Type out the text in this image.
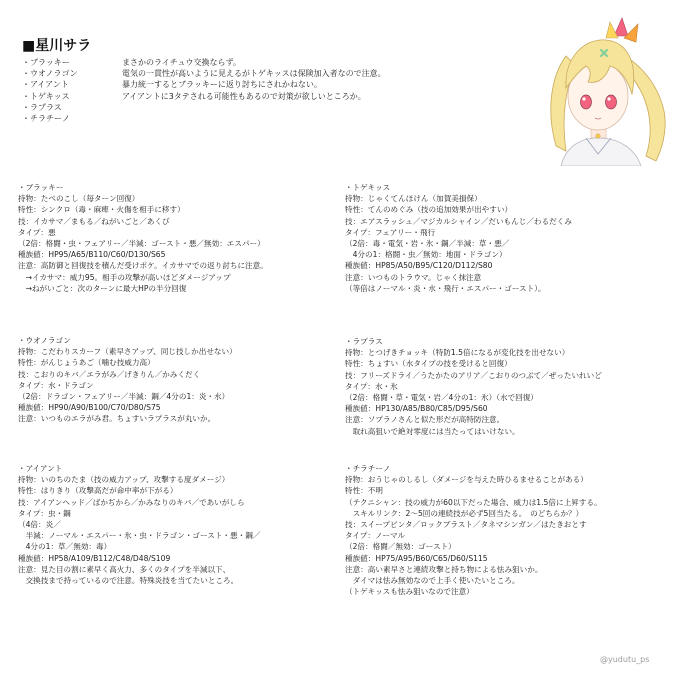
■星川サラ
・ブラッキー	まさかのライチュウ交換ならず。
・ウオノラゴン	電気の一貫性が高いように見えるがトゲキッスは保険加入者なので注意。
・アイアント	暴力統一するとブラッキーに返り討ちにされかねない。
・トゲキッス	アイアントに3タテされる可能性もあるので対策が欲しいところか。
・ラプラス
・チラチーノ
・ブラッキー
持物：たべのこし（毎ターン回復）
特性：シンクロ（毒・麻痺・火傷を相手に移す）
技：イカサマ／まもる／ねがいごと／あくび
タイプ：悪
（2倍：格闘・虫・フェアリー／半減：ゴースト・悪／無効：エスパー）
種族値：HP95/A65/B110/C60/D130/S65
注意：高防御と回復技を積んだ受けポケ。イカサマでの返り討ちに注意。
　→イカサマ：威力95。相手の攻撃が高いほどダメージアップ
　→ねがいごと：次のターンに最大HPの半分回復
・ウオノラゴン
持物：こだわりスカーフ（素早さアップ、同じ技しか出せない）
特性：がんじょうあご（噛む技威力高）
技：こおりのキバ／エラがみ／げきりん／かみくだく
タイプ：水・ドラゴン
（2倍：ドラゴン・フェアリー／半減：鋼／4分の1：炎・水）
種族値：HP90/A90/B100/C70/D80/S75
注意：いつものエラがみ君。ちょすいラプラスが丸いか。
・アイアント
持物：いのちのたま（技の威力アップ、攻撃する度ダメージ）
特性：はりきり（攻撃高だが命中率が下がる）
技：アイアンヘッド／ばかぢから／かみなりのキバ／であいがしら
タイプ：虫・鋼
（4倍：炎／
　半減：ノーマル・エスパー・氷・虫・ドラゴン・ゴースト・悪・鋼／
　4分の1：草／無効：毒）
種族値：HP58/A109/B112/C48/D48/S109
注意：見た目の割に素早く高火力、多くのタイプを半減以下、
　交換技まで持っているので注意。特殊炎技を当てたいところ。
・トゲキッス
持物：じゃくてんほけん（加賀美損保）
特性：てんのめぐみ（技の追加効果が出やすい）
技：エアスラッシュ／マジカルシャイン／だいもんじ／わるだくみ
タイプ：フェアリー・飛行
（2倍：毒・電気・岩・氷・鋼／半減：草・悪／
　4分の1：格闘・虫／無効：地面・ドラゴン）
種族値：HP85/A50/B95/C120/D112/S80
注意：いつものトラウマ。じゃく抹注意
（等倍はノーマル・炎・水・飛行・エスパー・ゴースト）。
・ラプラス
持物：とつげきチョッキ（特防1.5倍になるが変化技を出せない）
特性：ちょすい（水タイプの技を受けると回復）
技：フリーズドライ／うたかたのアリア／こおりのつぶて／ぜったいれいど
タイプ：水・氷
（2倍：格闘・草・電気・岩／4分の1：氷）（水で回復）
種族値：HP130/A85/B80/C85/D95/S60
注意：ソプラノさんと似た形だが高特防注意。
　取れ高狙いで絶対零度には当たってはいけない。
・チラチーノ
持物：おうじゃのしるし（ダメージを与えた時ひるませることがある）
特性：不明
（テクニシャン：技の威力が60以下だった場合、威力は1.5倍に上昇する。
　スキルリンク：2～5回の連続技が必ず5回当たる。　のどちらか？）
技：スイープビンタ／ロックブラスト／タネマシンガン／はたきおとす
タイプ：ノーマル
（2倍：格闘／無効：ゴースト）
種族値：HP75/A95/B60/C65/D60/S115
注意：高い素早さと連続攻撃と持ち物による怯み狙いか。
　ダイマは怯み無効なので上手く使いたいところ。
（トゲキッスも怯み狙いなので注意）
@yudutu_ps
